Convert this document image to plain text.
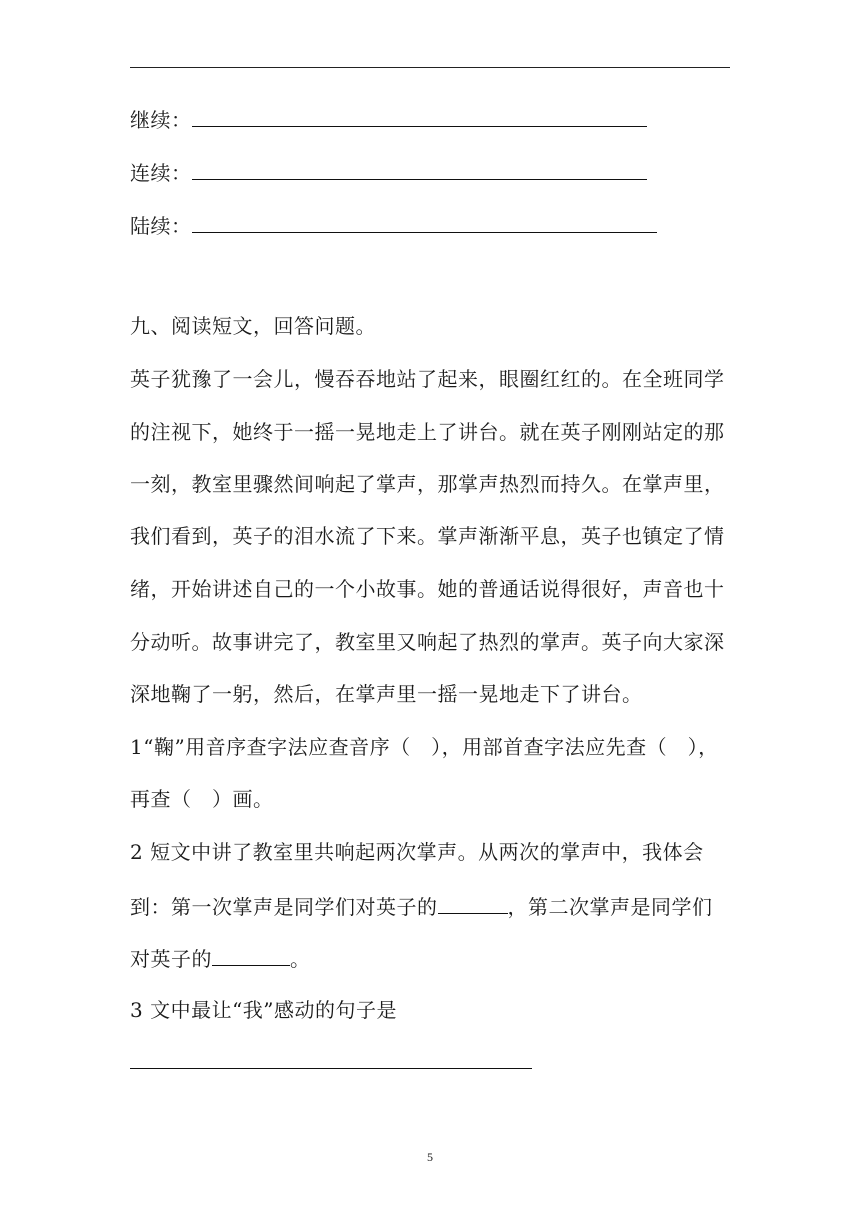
继续：
连续：
陆续：
九、阅读短文，回答问题。
英子犹豫了一会儿，慢吞吞地站了起来，眼圈红红的。在全班同学
的注视下，她终于一摇一晃地走上了讲台。就在英子刚刚站定的那
一刻，教室里骤然间响起了掌声，那掌声热烈而持久。在掌声里，
我们看到，英子的泪水流了下来。掌声渐渐平息，英子也镇定了情
绪，开始讲述自己的一个小故事。她的普通话说得很好，声音也十
分动听。故事讲完了，教室里又响起了热烈的掌声。英子向大家深
深地鞠了一躬，然后，在掌声里一摇一晃地走下了讲台。
1“鞠”用音序查字法应查音序（　），用部首查字法应先查（　），
再查（　）画。
2 短文中讲了教室里共响起两次掌声。从两次的掌声中，我体会
到：第一次掌声是同学们对英子的	，第二次掌声是同学们
对英子的	。
3 文中最让“我”感动的句子是
5
